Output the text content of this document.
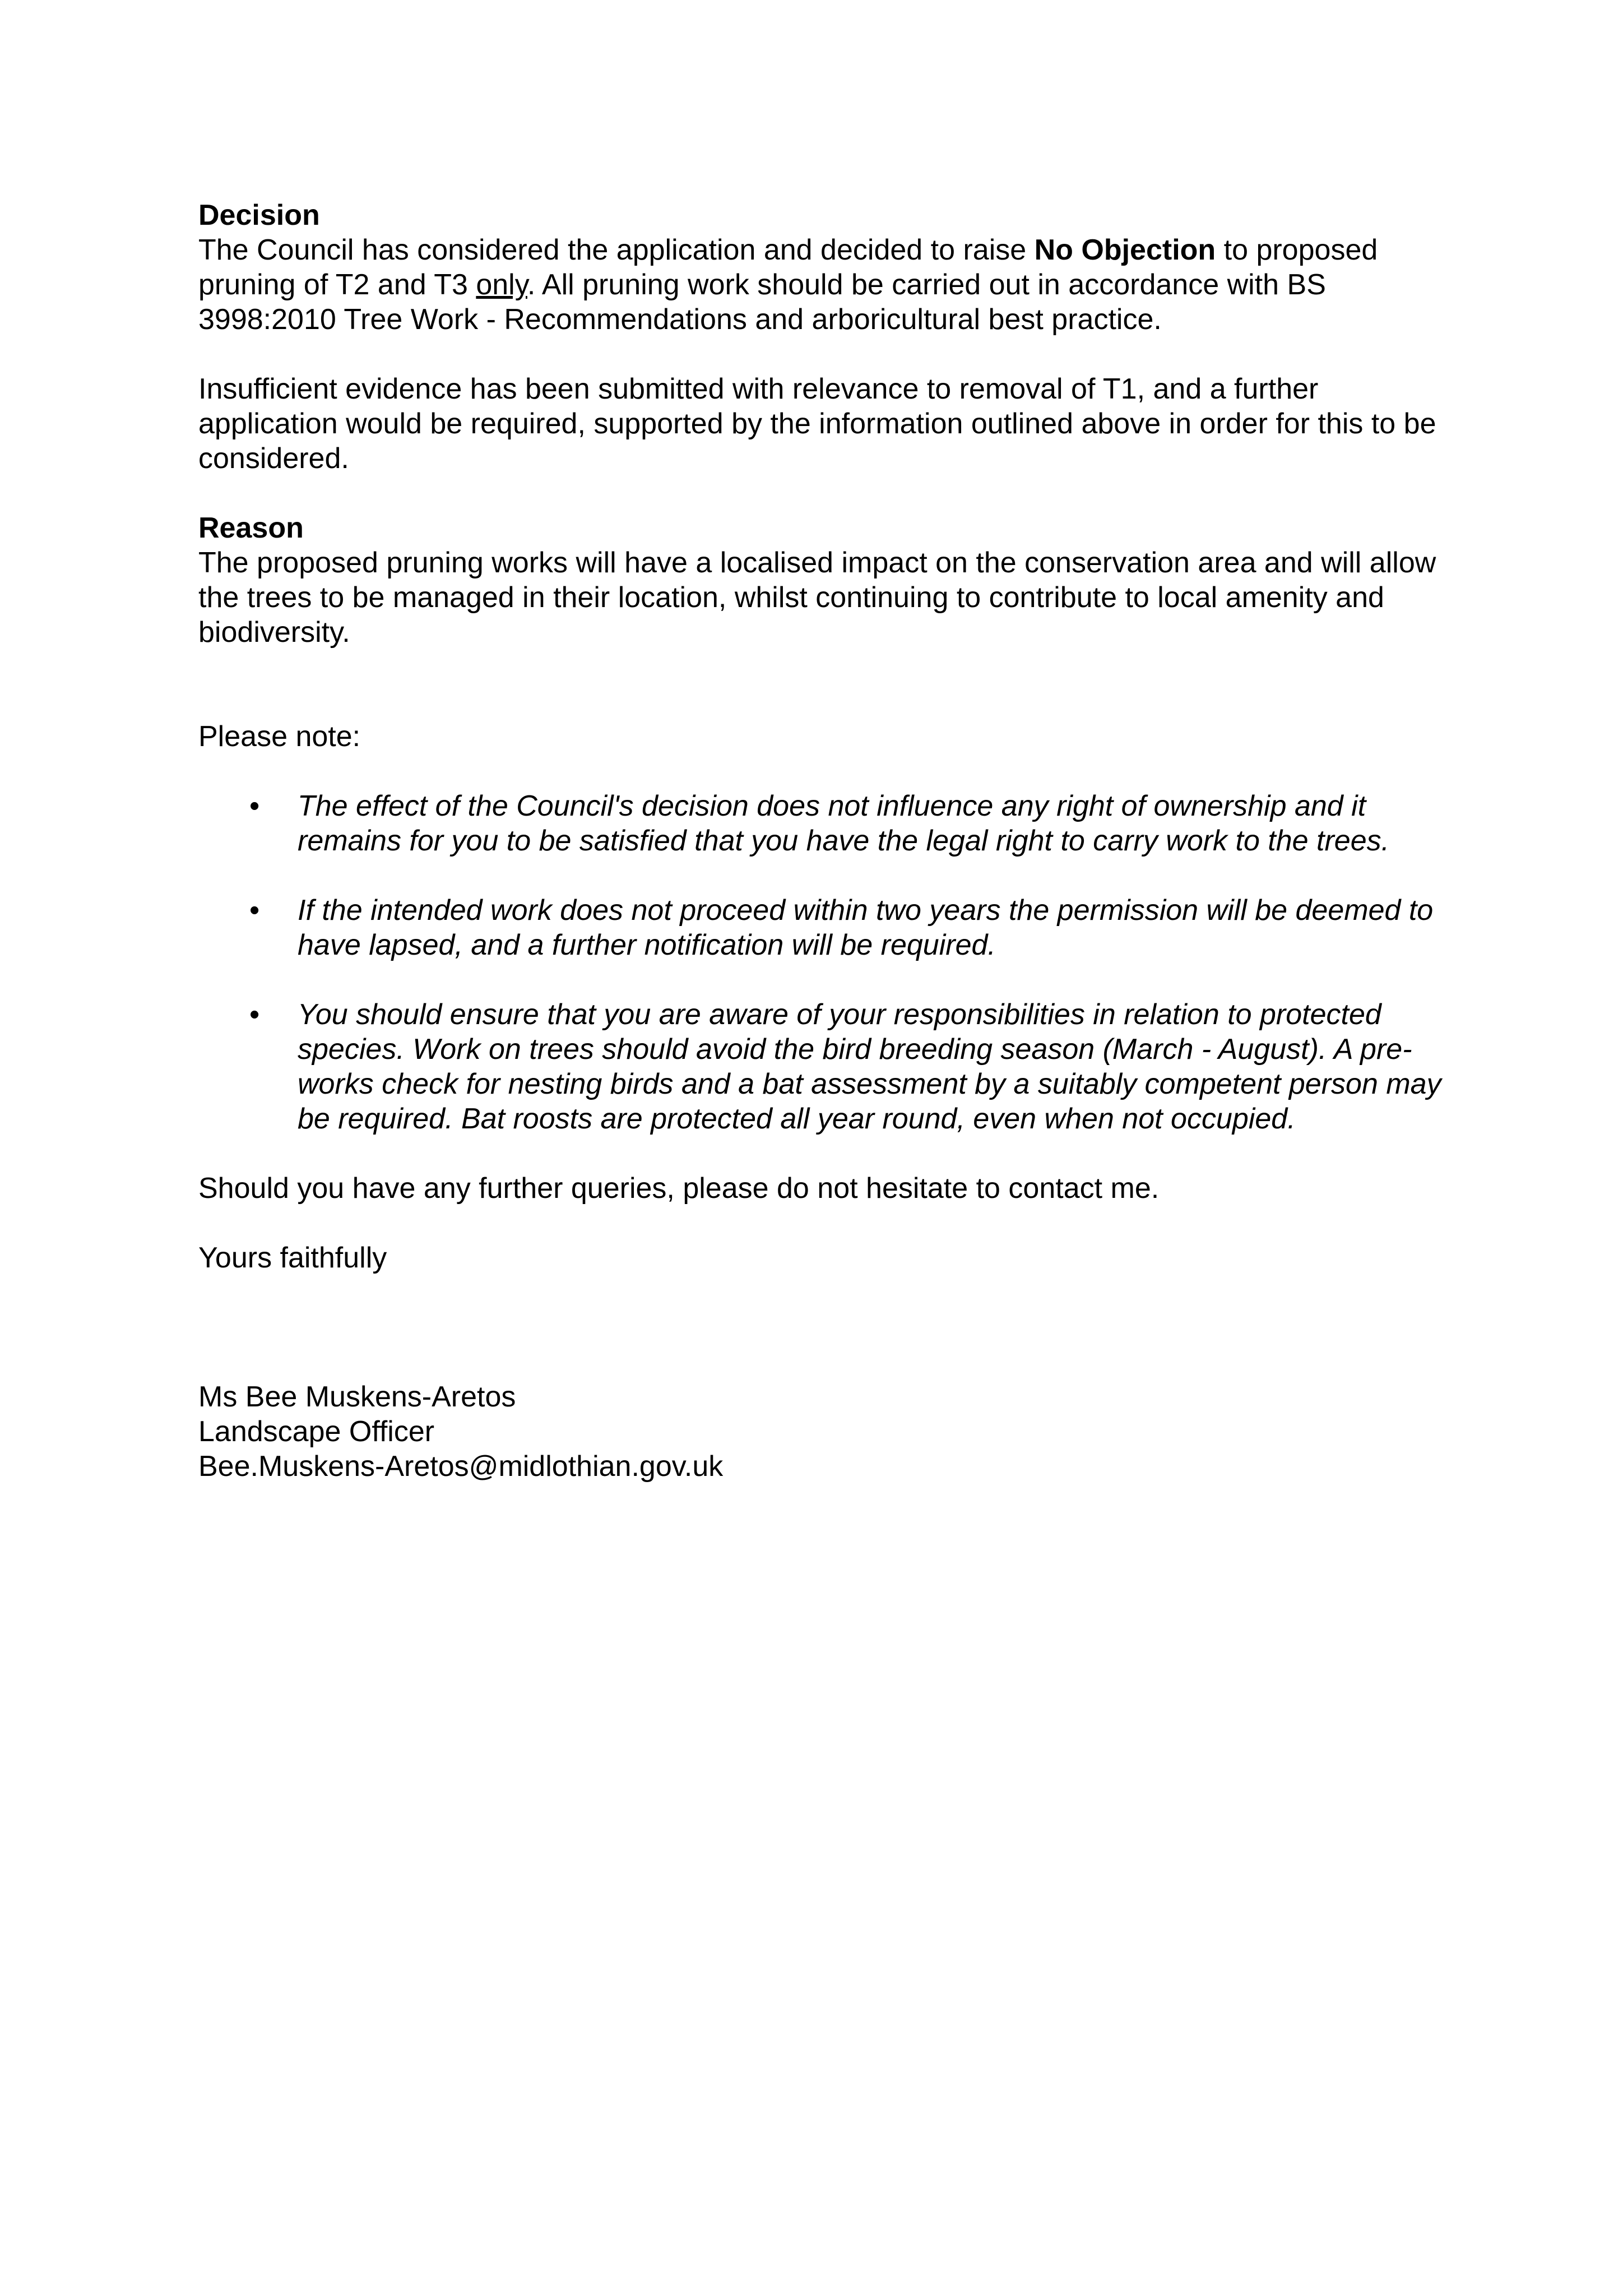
Decision

The Council has considered the application and decided to raise No Objection to proposed pruning of T2 and T3 only. All pruning work should be carried out in accordance with BS 3998:2010 Tree Work - Recommendations and arboricultural best practice.

Insufficient evidence has been submitted with relevance to removal of T1, and a further application would be required, supported by the information outlined above in order for this to be considered.

Reason

The proposed pruning works will have a localised impact on the conservation area and will allow the trees to be managed in their location, whilst continuing to contribute to local amenity and biodiversity.

Please note:

• The effect of the Council's decision does not influence any right of ownership and it remains for you to be satisfied that you have the legal right to carry work to the trees.
• If the intended work does not proceed within two years the permission will be deemed to have lapsed, and a further notification will be required.
• You should ensure that you are aware of your responsibilities in relation to protected species. Work on trees should avoid the bird breeding season (March - August). A pre-works check for nesting birds and a bat assessment by a suitably competent person may be required. Bat roosts are protected all year round, even when not occupied.

Should you have any further queries, please do not hesitate to contact me.

Yours faithfully

Ms Bee Muskens-Aretos

Landscape Officer

Bee.Muskens-Aretos@midlothian.gov.uk
